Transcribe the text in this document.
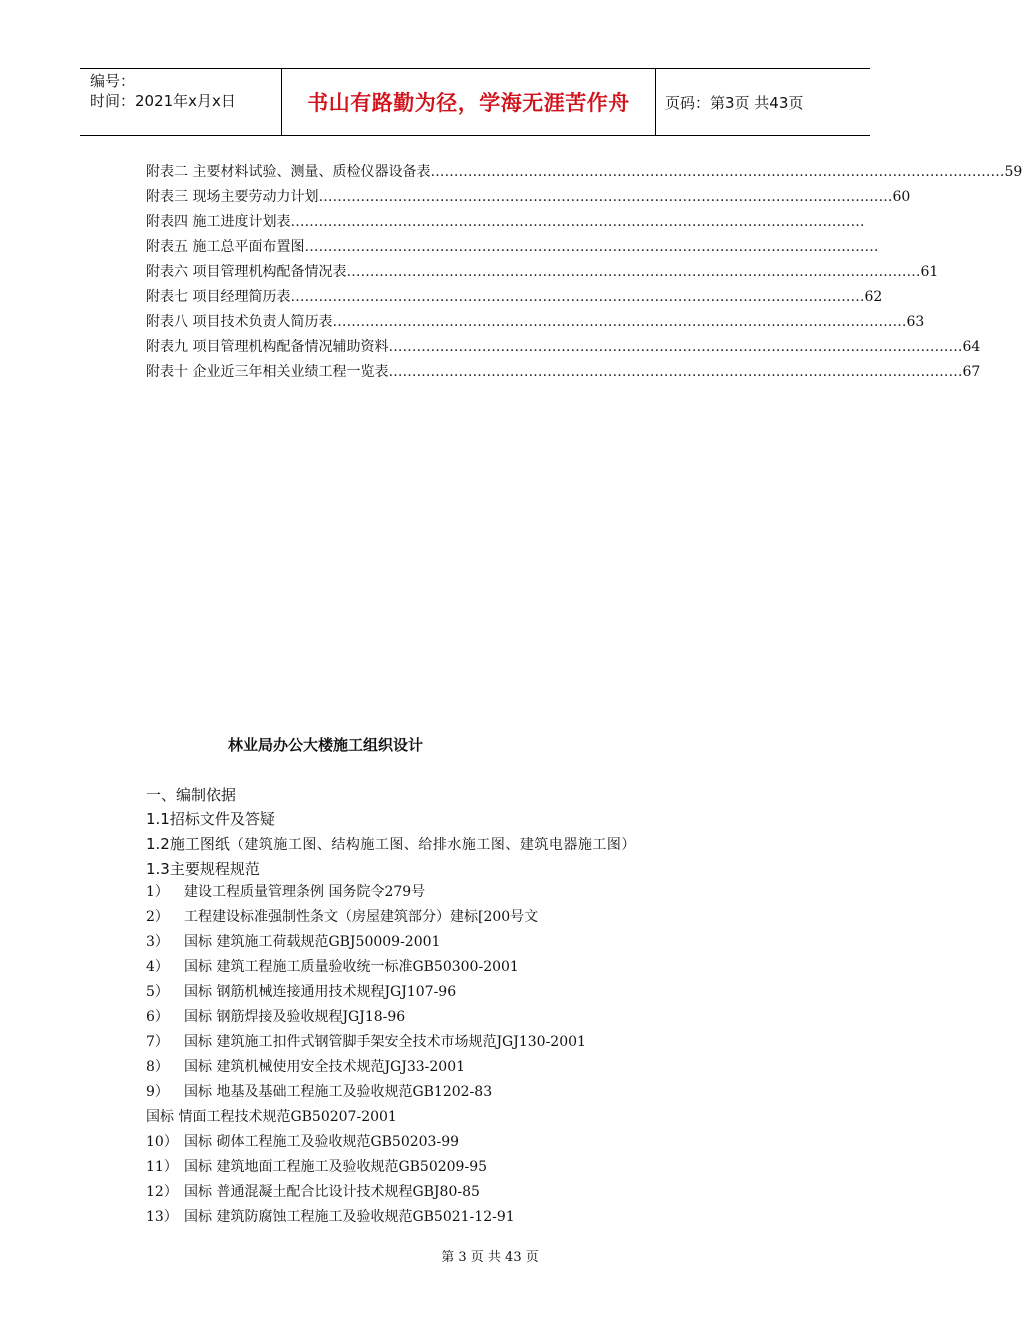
编号：
时间：2021年x月x日	书山有路勤为径，学海无涯苦作舟 页码：第3页 共43页
附表二 主要材料试验、测量、质检仪器设备表 …………………………………………………………………………………………………………… 59
附表三 现场主要劳动力计划 …………………………………………………………………………………………………………… 60
附表四 施工进度计划表 ……………………………………………………………………………………………………………
附表五 施工总平面布置图 ……………………………………………………………………………………………………………
附表六 项目管理机构配备情况表 …………………………………………………………………………………………………………… 61
附表七 项目经理简历表 …………………………………………………………………………………………………………… 62
附表八 项目技术负责人简历表 …………………………………………………………………………………………………………… 63
附表九 项目管理机构配备情况辅助资料 …………………………………………………………………………………………………………… 64
附表十 企业近三年相关业绩工程一览表 …………………………………………………………………………………………………………… 67
林业局办公大楼施工组织设计
一、编制依据
1.1招标文件及答疑
1.2施工图纸（建筑施工图、结构施工图、给排水施工图、建筑电器施工图）
1.3主要规程规范
1） 建设工程质量管理条例 国务院令279号
2） 工程建设标准强制性条文（房屋建筑部分）建标[200号文
3） 国标 建筑施工荷载规范GBJ50009-2001
4） 国标 建筑工程施工质量验收统一标准GB50300-2001
5） 国标 钢筋机械连接通用技术规程JGJ107-96
6） 国标 钢筋焊接及验收规程JGJ18-96
7） 国标 建筑施工扣件式钢管脚手架安全技术市场规范JGJ130-2001
8） 国标 建筑机械使用安全技术规范JGJ33-2001
9） 国标 地基及基础工程施工及验收规范GB1202-83
国标 情面工程技术规范GB50207-2001
10） 国标 砌体工程施工及验收规范GB50203-99
11） 国标 建筑地面工程施工及验收规范GB50209-95
12） 国标 普通混凝土配合比设计技术规程GBJ80-85
13） 国标 建筑防腐蚀工程施工及验收规范GB5021-12-91
第 3 页 共 43 页
